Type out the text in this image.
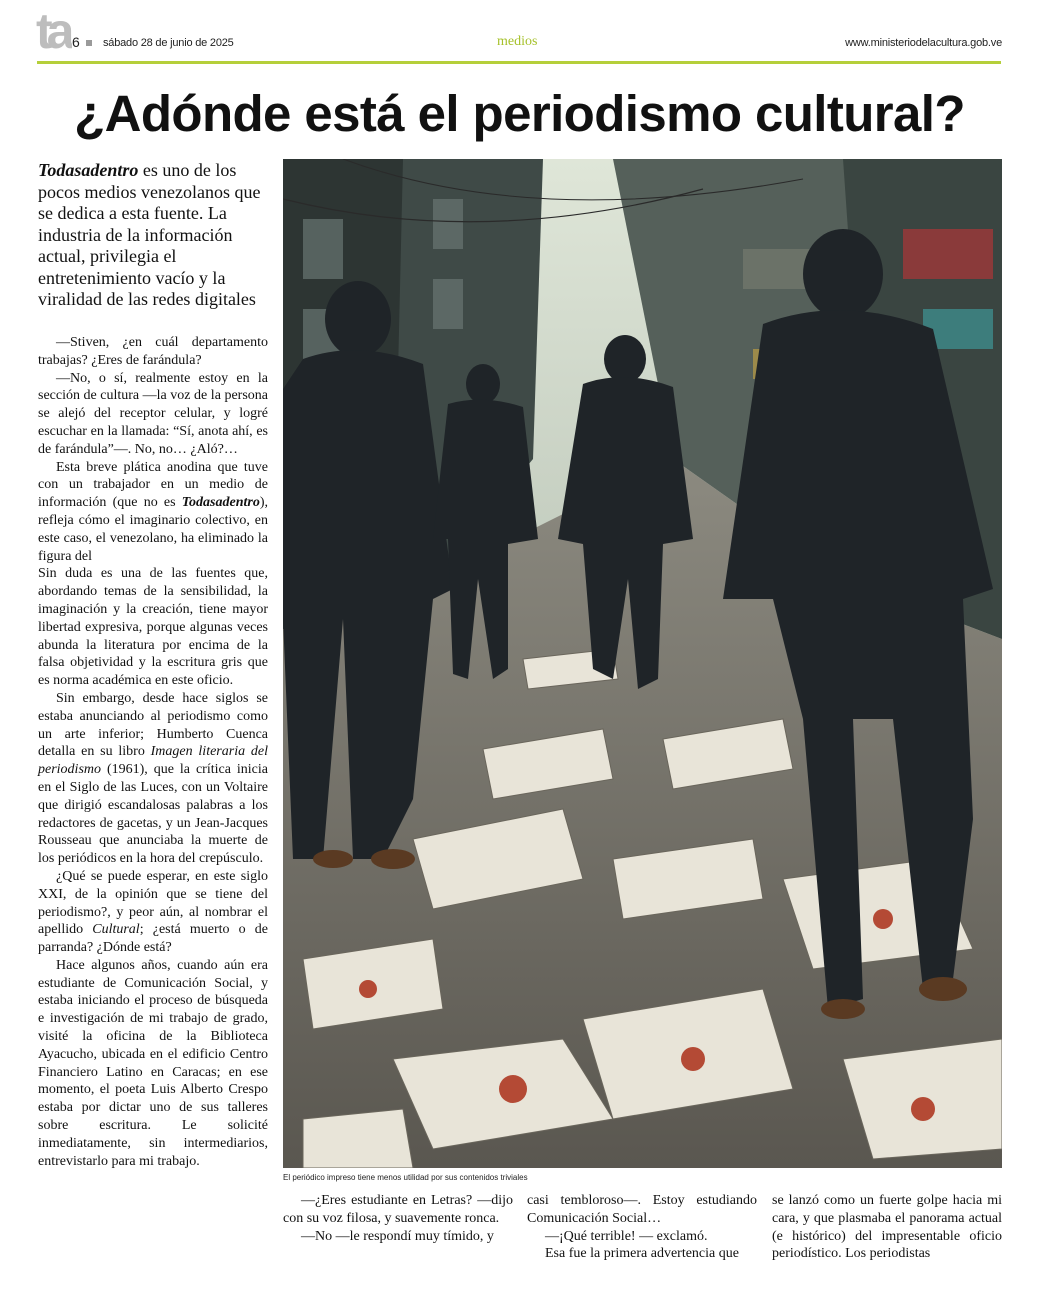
ta 6 sábado 28 de junio de 2025	medios	www.ministeriodelacultura.gob.ve
¿Adónde está el periodismo cultural?
Todasadentro es uno de los pocos medios venezolanos que se dedica a esta fuente. La industria de la información actual, privilegia el entretenimiento vacío y la viralidad de las redes digitales

—Stiven, ¿en cuál departamento trabajas? ¿Eres de farándula?

—No, o sí, realmente estoy en la sección de cultura —la voz de la persona se alejó del receptor celular, y logré escuchar en la llamada: “Sí, anota ahí, es de farándula”—. No, no… ¿Aló?…

Esta breve plática anodina que tuve con un trabajador en un medio de información (que no es Todasadentro), refleja cómo el imaginario colectivo, en este caso, el venezolano, ha eliminado la figura del

Sin duda es una de las fuentes que, abordando temas de la sensibilidad, la imaginación y la creación, tiene mayor libertad expresiva, porque algunas veces abunda la literatura por encima de la falsa objetividad y la escritura gris que es norma académica en este oficio.

Sin embargo, desde hace siglos se estaba anunciando al periodismo como un arte inferior; Humberto Cuenca detalla en su libro Imagen literaria del periodismo (1961), que la crítica inicia en el Siglo de las Luces, con un Voltaire que dirigió escandalosas palabras a los redactores de gacetas, y un Jean-Jacques Rousseau que anunciaba la muerte de los periódicos en la hora del crepúsculo.

¿Qué se puede esperar, en este siglo XXI, de la opinión que se tiene del periodismo?, y peor aún, al nombrar el apellido Cultural; ¿está muerto o de parranda? ¿Dónde está?

Hace algunos años, cuando aún era estudiante de Comunicación Social, y estaba iniciando el proceso de búsqueda e investigación de mi trabajo de grado, visité la oficina de la Biblioteca Ayacucho, ubicada en el edificio Centro Financiero Latino en Caracas; en ese momento, el poeta Luis Alberto Crespo estaba por dictar uno de sus talleres sobre escritura. Le solicité inmediatamente, sin intermediarios, entrevistarlo para mi trabajo.

El periódico impreso tiene menos utilidad por sus contenidos triviales

—¿Eres estudiante en Letras? —dijo con su voz filosa, y suavemente ronca.

—No —le respondí muy tímido, y

casi tembloroso—. Estoy estudiando Comunicación Social…

—¡Qué terrible! — exclamó.

Esa fue la primera advertencia que

se lanzó como un fuerte golpe hacia mi cara, y que plasmaba el panorama actual (e histórico) del impresentable oficio periodístico. Los periodistas
